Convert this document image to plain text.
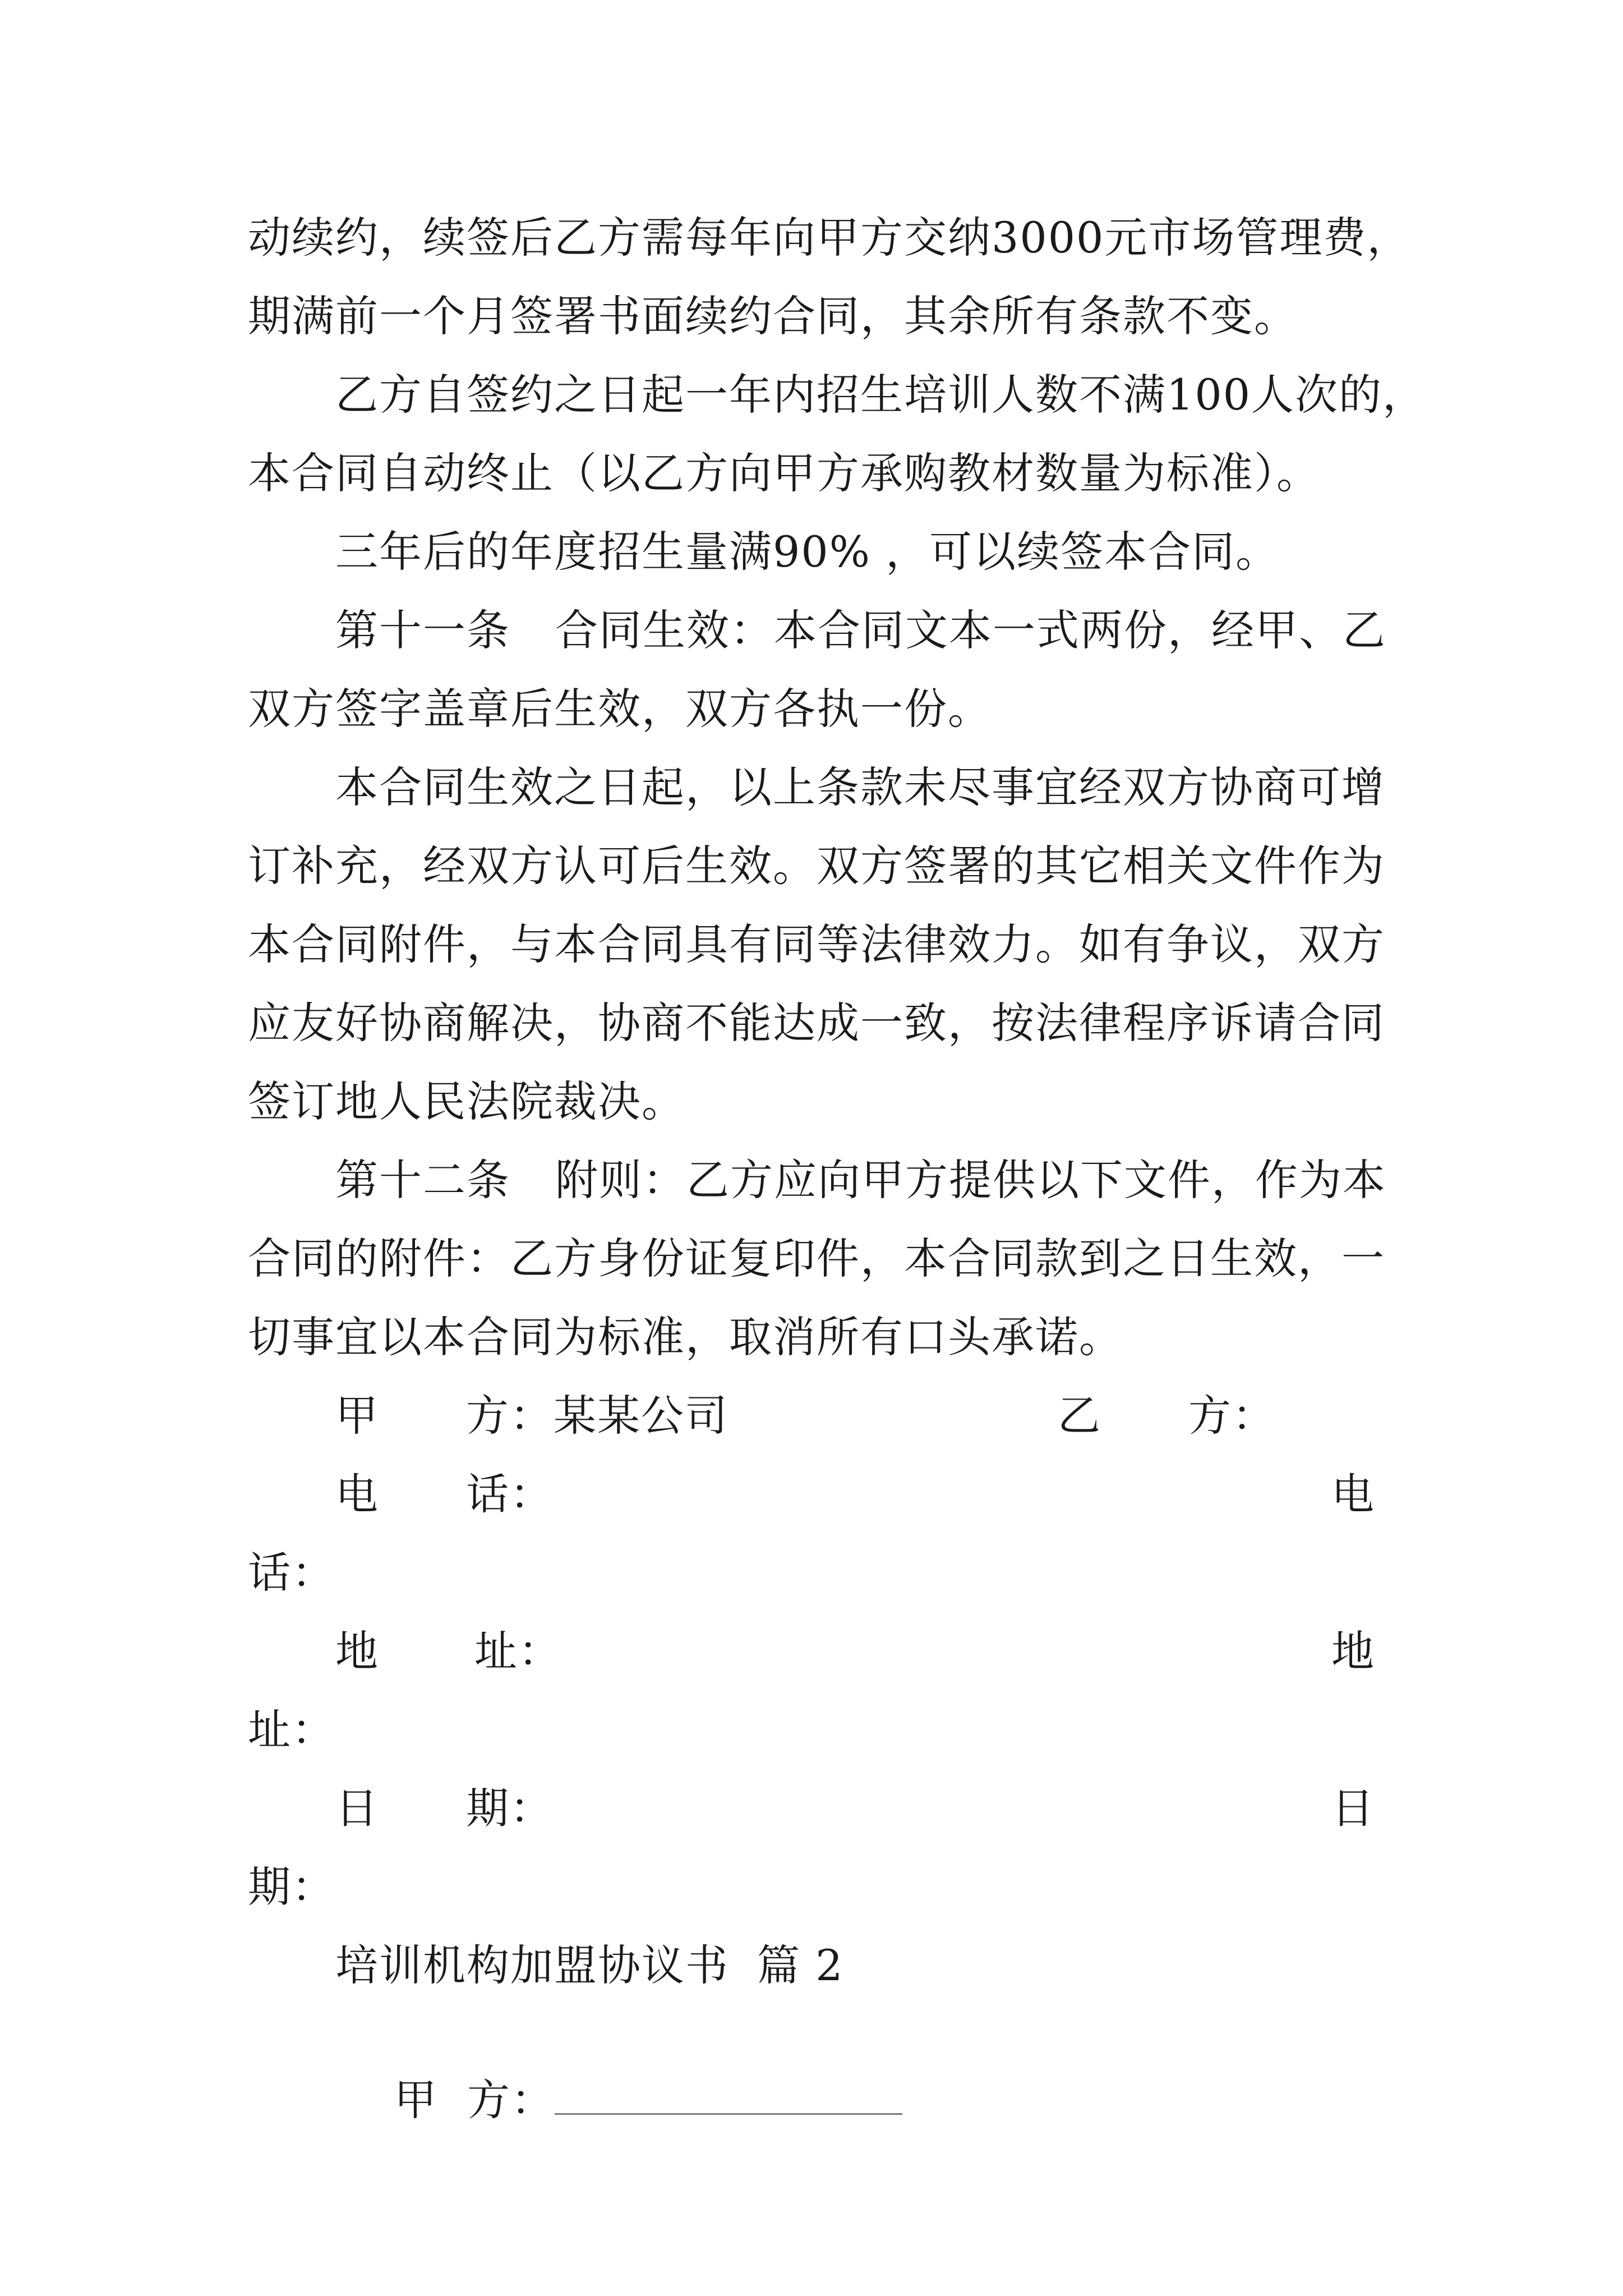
动续约，续签后乙方需每年向甲方交纳3000元市场管理费，
期满前一个月签署书面续约合同，其余所有条款不变。
乙方自签约之日起一年内招生培训人数不满100人次的，
本合同自动终止（以乙方向甲方承购教材数量为标准）。
三年后的年度招生量满90% ，可以续签本合同。
第十一条 合同生效：本合同文本一式两份，经甲、乙
双方签字盖章后生效，双方各执一份。
本合同生效之日起，以上条款未尽事宜经双方协商可增
订补充，经双方认可后生效。双方签署的其它相关文件作为
本合同附件，与本合同具有同等法律效力。如有争议，双方
应友好协商解决，协商不能达成一致，按法律程序诉请合同
签订地人民法院裁决。
第十二条 附则：乙方应向甲方提供以下文件，作为本
合同的附件：乙方身份证复印件，本合同款到之日生效，一
切事宜以本合同为标准，取消所有口头承诺。
甲 方：某某公司	乙 方：
电 话：	电
话：
地 址：	地
址：
日 期：	日
期：
培训机构加盟协议书 篇 2

甲  方：
